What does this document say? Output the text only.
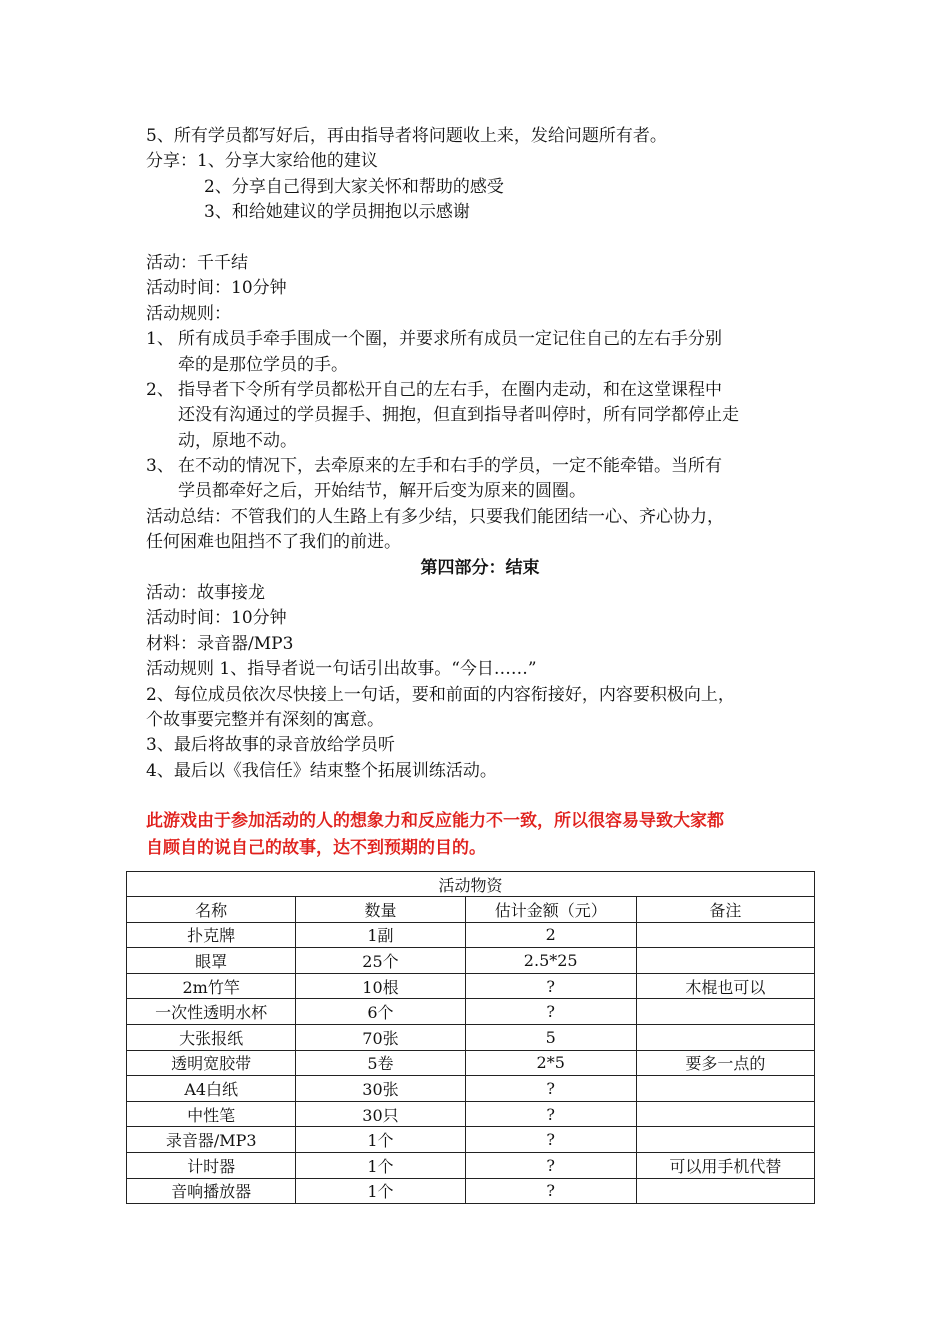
5、所有学员都写好后，再由指导者将问题收上来，发给问题所有者。
分享：1、分享大家给他的建议
2、分享自己得到大家关怀和帮助的感受
3、和给她建议的学员拥抱以示感谢
活动：千千结
活动时间：10分钟
活动规则：
1、 所有成员手牵手围成一个圈，并要求所有成员一定记住自己的左右手分别
牵的是那位学员的手。
2、 指导者下令所有学员都松开自己的左右手，在圈内走动，和在这堂课程中
还没有沟通过的学员握手、拥抱，但直到指导者叫停时，所有同学都停止走
动，原地不动。
3、 在不动的情况下，去牵原来的左手和右手的学员，一定不能牵错。当所有
学员都牵好之后，开始结节，解开后变为原来的圆圈。
活动总结：不管我们的人生路上有多少结，只要我们能团结一心、齐心协力，
任何困难也阻挡不了我们的前进。
第四部分：结束
活动：故事接龙
活动时间：10分钟
材料：录音器/MP3
活动规则 1、指导者说一句话引出故事。“今日……”
2、每位成员依次尽快接上一句话，要和前面的内容衔接好，内容要积极向上，
个故事要完整并有深刻的寓意。
3、最后将故事的录音放给学员听
4、最后以《我信任》结束整个拓展训练活动。
此游戏由于参加活动的人的想象力和反应能力不一致，所以很容易导致大家都
自顾自的说自己的故事，达不到预期的目的。
活动物资			
名称	数量	估计金额（元）	备注
扑克牌	1副	2	
眼罩	25个	2.5*25	
2m竹竿	10根	?	木棍也可以
一次性透明水杯	6个	?	
大张报纸	70张	5	
透明宽胶带	5卷	2*5	要多一点的
A4白纸	30张	?	
中性笔	30只	?	
录音器/MP3	1个	?	
计时器	1个	?	可以用手机代替
音响播放器	1个	?	
